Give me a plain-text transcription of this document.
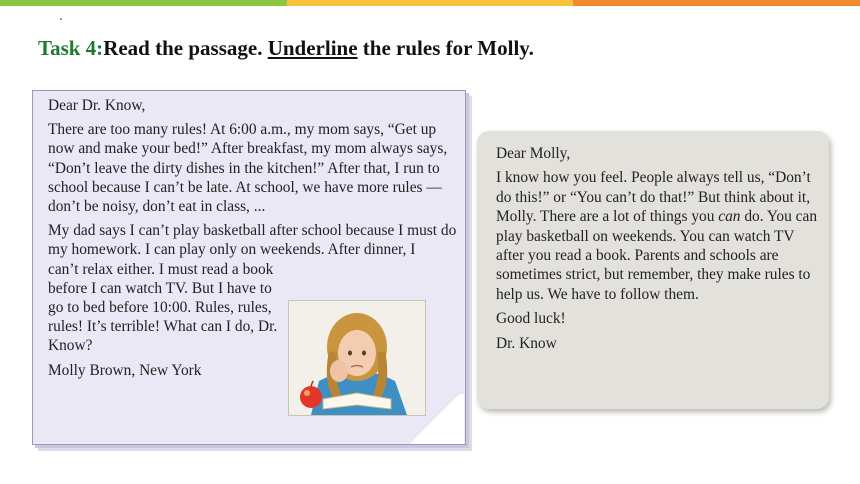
Task 4:Read the passage. Underline the rules for Molly.

Dear Dr. Know,

There are too many rules! At 6:00 a.m., my mom says, “Get up now and make your bed!” After breakfast, my mom always says, “Don’t leave the dirty dishes in the kitchen!” After that, I run to school because I can’t be late. At school, we have more rules — don’t be noisy, don’t eat in class, ...

My dad says I can’t play basketball after school because I must do my homework. I can play only on weekends. After dinner, I

can’t relax either. I must read a book before I can watch TV. But I have to go to bed before 10:00. Rules, rules, rules! It’s terrible! What can I do, Dr. Know?

Molly Brown, New York

Dear Molly,

I know how you feel. People always tell us, “Don’t do this!” or “You can’t do that!” But think about it, Molly. There are a lot of things you can do. You can play basketball on weekends. You can watch TV after you read a book. Parents and schools are sometimes strict, but remember, they make rules to help us. We have to follow them.

Good luck!

Dr. Know
